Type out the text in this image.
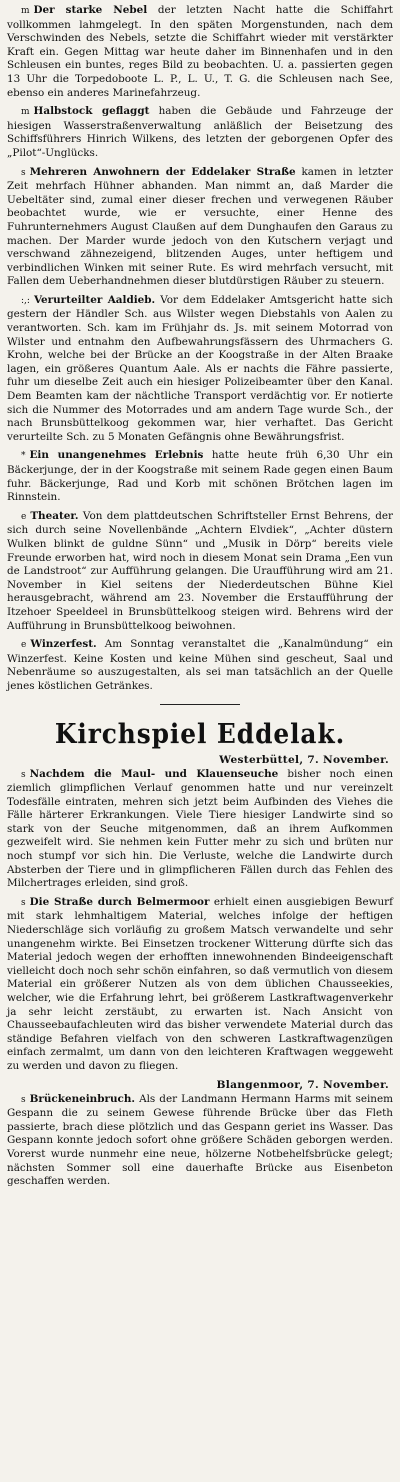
m Der starke Nebel der letzten Nacht hatte die Schiffahrt vollkommen lahmgelegt. In den späten Morgenstunden, nach dem Verschwinden des Nebels, setzte die Schiffahrt wieder mit verstärkter Kraft ein. Gegen Mittag war heute daher im Binnenhafen und in den Schleusen ein buntes, reges Bild zu beobachten. U. a. passierten gegen 13 Uhr die Torpedoboote L. P., L. U., T. G. die Schleusen nach See, ebenso ein anderes Marinefahrzeug.
m Halbstock geflaggt haben die Gebäude und Fahrzeuge der hiesigen Wasserstraßenverwaltung anläßlich der Beisetzung des Schiffsführers Hinrich Wilkens, des letzten der geborgenen Opfer des „Pilot“-Unglücks.
s Mehreren Anwohnern der Eddelaker Straße kamen in letzter Zeit mehrfach Hühner abhanden. Man nimmt an, daß Marder die Uebeltäter sind, zumal einer dieser frechen und verwegenen Räuber beobachtet wurde, wie er versuchte, einer Henne des Fuhrunternehmers August Claußen auf dem Dunghaufen den Garaus zu machen. Der Marder wurde jedoch von den Kutschern verjagt und verschwand zähnezeigend, blitzenden Auges, unter heftigem und verbindlichen Winken mit seiner Rute. Es wird mehrfach versucht, mit Fallen dem Ueberhandnehmen dieser blutdürstigen Räuber zu steuern.
:,: Verurteilter Aaldieb. Vor dem Eddelaker Amtsgericht hatte sich gestern der Händler Sch. aus Wilster wegen Diebstahls von Aalen zu verantworten. Sch. kam im Frühjahr ds. Js. mit seinem Motorrad von Wilster und entnahm den Aufbewahrungsfässern des Uhrmachers G. Krohn, welche bei der Brücke an der Koogstraße in der Alten Braake lagen, ein größeres Quantum Aale. Als er nachts die Fähre passierte, fuhr um dieselbe Zeit auch ein hiesiger Polizeibeamter über den Kanal. Dem Beamten kam der nächtliche Transport verdächtig vor. Er notierte sich die Nummer des Motorrades und am andern Tage wurde Sch., der nach Brunsbüttelkoog gekommen war, hier verhaftet. Das Gericht verurteilte Sch. zu 5 Monaten Gefängnis ohne Bewährungsfrist.
* Ein unangenehmes Erlebnis hatte heute früh 6,30 Uhr ein Bäckerjunge, der in der Koogstraße mit seinem Rade gegen einen Baum fuhr. Bäckerjunge, Rad und Korb mit schönen Brötchen lagen im Rinnstein.
e Theater. Von dem plattdeutschen Schriftsteller Ernst Behrens, der sich durch seine Novellenbände „Achtern Elvdiek“, „Achter düstern Wulken blinkt de guldne Sünn“ und „Musik in Dörp“ bereits viele Freunde erworben hat, wird noch in diesem Monat sein Drama „Een vun de Landstroot“ zur Aufführung gelangen. Die Uraufführung wird am 21. November in Kiel seitens der Niederdeutschen Bühne Kiel herausgebracht, während am 23. November die Erstaufführung der Itzehoer Speeldeel in Brunsbüttelkoog steigen wird. Behrens wird der Aufführung in Brunsbüttelkoog beiwohnen.
e Winzerfest. Am Sonntag veranstaltet die „Kanalmündung“ ein Winzerfest. Keine Kosten und keine Mühen sind gescheut, Saal und Nebenräume so auszugestalten, als sei man tatsächlich an der Quelle jenes köstlichen Getränkes.
Kirchspiel Eddelak.
Westerbüttel, 7. November.
s Nachdem die Maul- und Klauenseuche bisher noch einen ziemlich glimpflichen Verlauf genommen hatte und nur vereinzelt Todesfälle eintraten, mehren sich jetzt beim Aufbinden des Viehes die Fälle härterer Erkrankungen. Viele Tiere hiesiger Landwirte sind so stark von der Seuche mitgenommen, daß an ihrem Aufkommen gezweifelt wird. Sie nehmen kein Futter mehr zu sich und brüten nur noch stumpf vor sich hin. Die Verluste, welche die Landwirte durch Absterben der Tiere und in glimpflicheren Fällen durch das Fehlen des Milchertrages erleiden, sind groß.
s Die Straße durch Belmermoor erhielt einen ausgiebigen Bewurf mit stark lehmhaltigem Material, welches infolge der heftigen Niederschläge sich vorläufig zu großem Matsch verwandelte und sehr unangenehm wirkte. Bei Einsetzen trockener Witterung dürfte sich das Material jedoch wegen der erhofften innewohnenden Bindeeigenschaft vielleicht doch noch sehr schön einfahren, so daß vermutlich von diesem Material ein größerer Nutzen als von dem üblichen Chausseekies, welcher, wie die Erfahrung lehrt, bei größerem Lastkraftwagenverkehr ja sehr leicht zerstäubt, zu erwarten ist. Nach Ansicht von Chausseebaufachleuten wird das bisher verwendete Material durch das ständige Befahren vielfach von den schweren Lastkraftwagenzügen einfach zermalmt, um dann von den leichteren Kraftwagen weggeweht zu werden und davon zu fliegen.
Blangenmoor, 7. November.
s Brückeneinbruch. Als der Landmann Hermann Harms mit seinem Gespann die zu seinem Gewese führende Brücke über das Fleth passierte, brach diese plötzlich und das Gespann geriet ins Wasser. Das Gespann konnte jedoch sofort ohne größere Schäden geborgen werden. Vorerst wurde nunmehr eine neue, hölzerne Notbehelfsbrücke gelegt; nächsten Sommer soll eine dauerhafte Brücke aus Eisenbeton geschaffen werden.
